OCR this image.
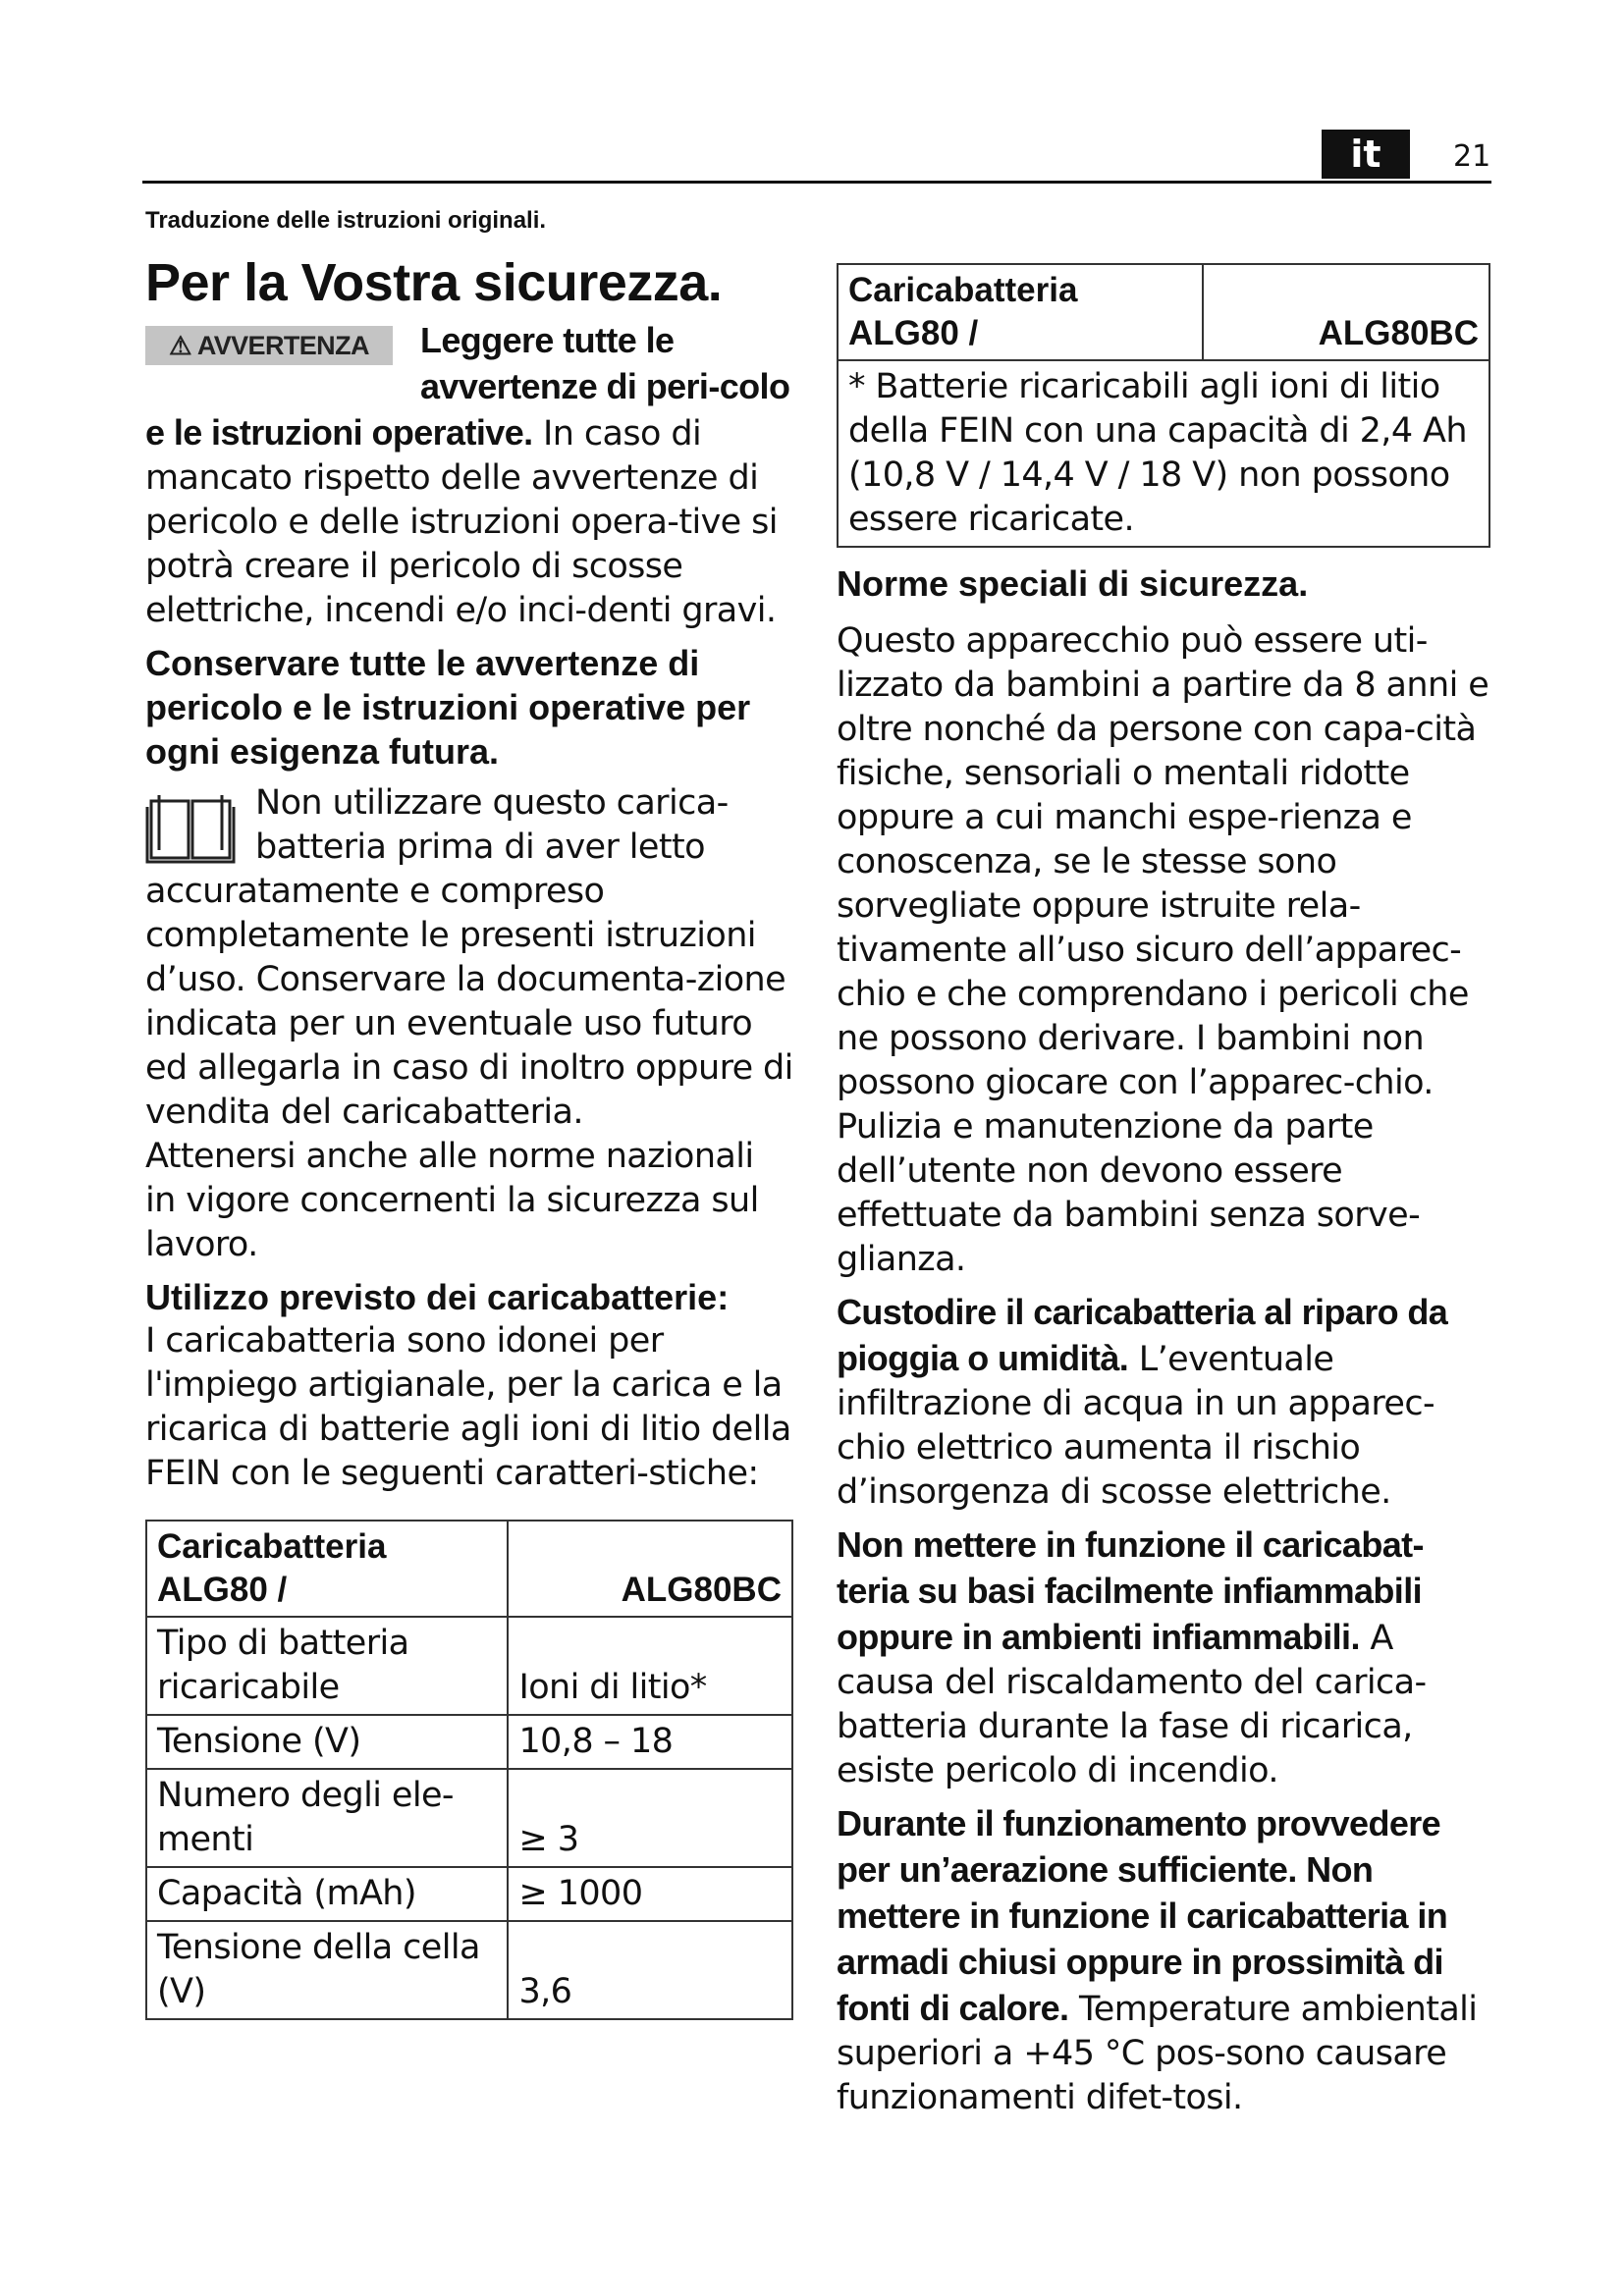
it	21
Traduzione delle istruzioni originali.
Per la Vostra sicurezza.
⚠ AVVERTENZA Leggere tutte le avvertenze di peri-colo e le istruzioni operative. In caso di mancato rispetto delle avvertenze di pericolo e delle istruzioni opera-tive si potrà creare il pericolo di scosse elettriche, incendi e/o inci-denti gravi.
Conservare tutte le avvertenze di pericolo e le istruzioni operative per ogni esigenza futura.
Non utilizzare questo carica-batteria prima di aver letto accuratamente e compreso completamente le presenti istruzioni d’uso. Conservare la documenta-zione indicata per un eventuale uso futuro ed allegarla in caso di inoltro oppure di vendita del caricabatteria.
Attenersi anche alle norme nazionali in vigore concernenti la sicurezza sul lavoro.
Utilizzo previsto dei caricabatterie:
I caricabatteria sono idonei per l'impiego artigianale, per la carica e la ricarica di batterie agli ioni di litio della FEIN con le seguenti caratteri-stiche:
Caricabatteria ALG80 /	ALG80BC

Tipo di batteria ricaricabile	Ioni di litio*

Tensione (V)	10,8 – 18
Numero degli ele-menti	≥ 3

Capacità (mAh)	≥ 1000
Tensione della cella (V)	3,6
Caricabatteria ALG80 /	ALG80BC

* Batterie ricaricabili agli ioni di litio della FEIN con una capacità di 2,4 Ah (10,8 V / 14,4 V / 18 V) non possono essere ricaricate.
Norme speciali di sicurezza.
Questo apparecchio può essere uti-lizzato da bambini a partire da 8 anni e oltre nonché da persone con capa-cità fisiche, sensoriali o mentali ridotte oppure a cui manchi espe-rienza e conoscenza, se le stesse sono sorvegliate oppure istruite rela-tivamente all’uso sicuro dell’apparec-chio e che comprendano i pericoli che ne possono derivare. I bambini non possono giocare con l’apparec-chio. Pulizia e manutenzione da parte dell’utente non devono essere effettuate da bambini senza sorve-glianza.
Custodire il caricabatteria al riparo da pioggia o umidità. L’eventuale infiltrazione di acqua in un apparec-chio elettrico aumenta il rischio d’insorgenza di scosse elettriche.
Non mettere in funzione il caricabat-teria su basi facilmente infiammabili oppure in ambienti infiammabili. A causa del riscaldamento del carica-batteria durante la fase di ricarica, esiste pericolo di incendio.
Durante il funzionamento provvedere per un’aerazione sufficiente. Non mettere in funzione il caricabatteria in armadi chiusi oppure in prossimità di fonti di calore. Temperature ambientali superiori a +45 °C pos-sono causare funzionamenti difet-tosi.
